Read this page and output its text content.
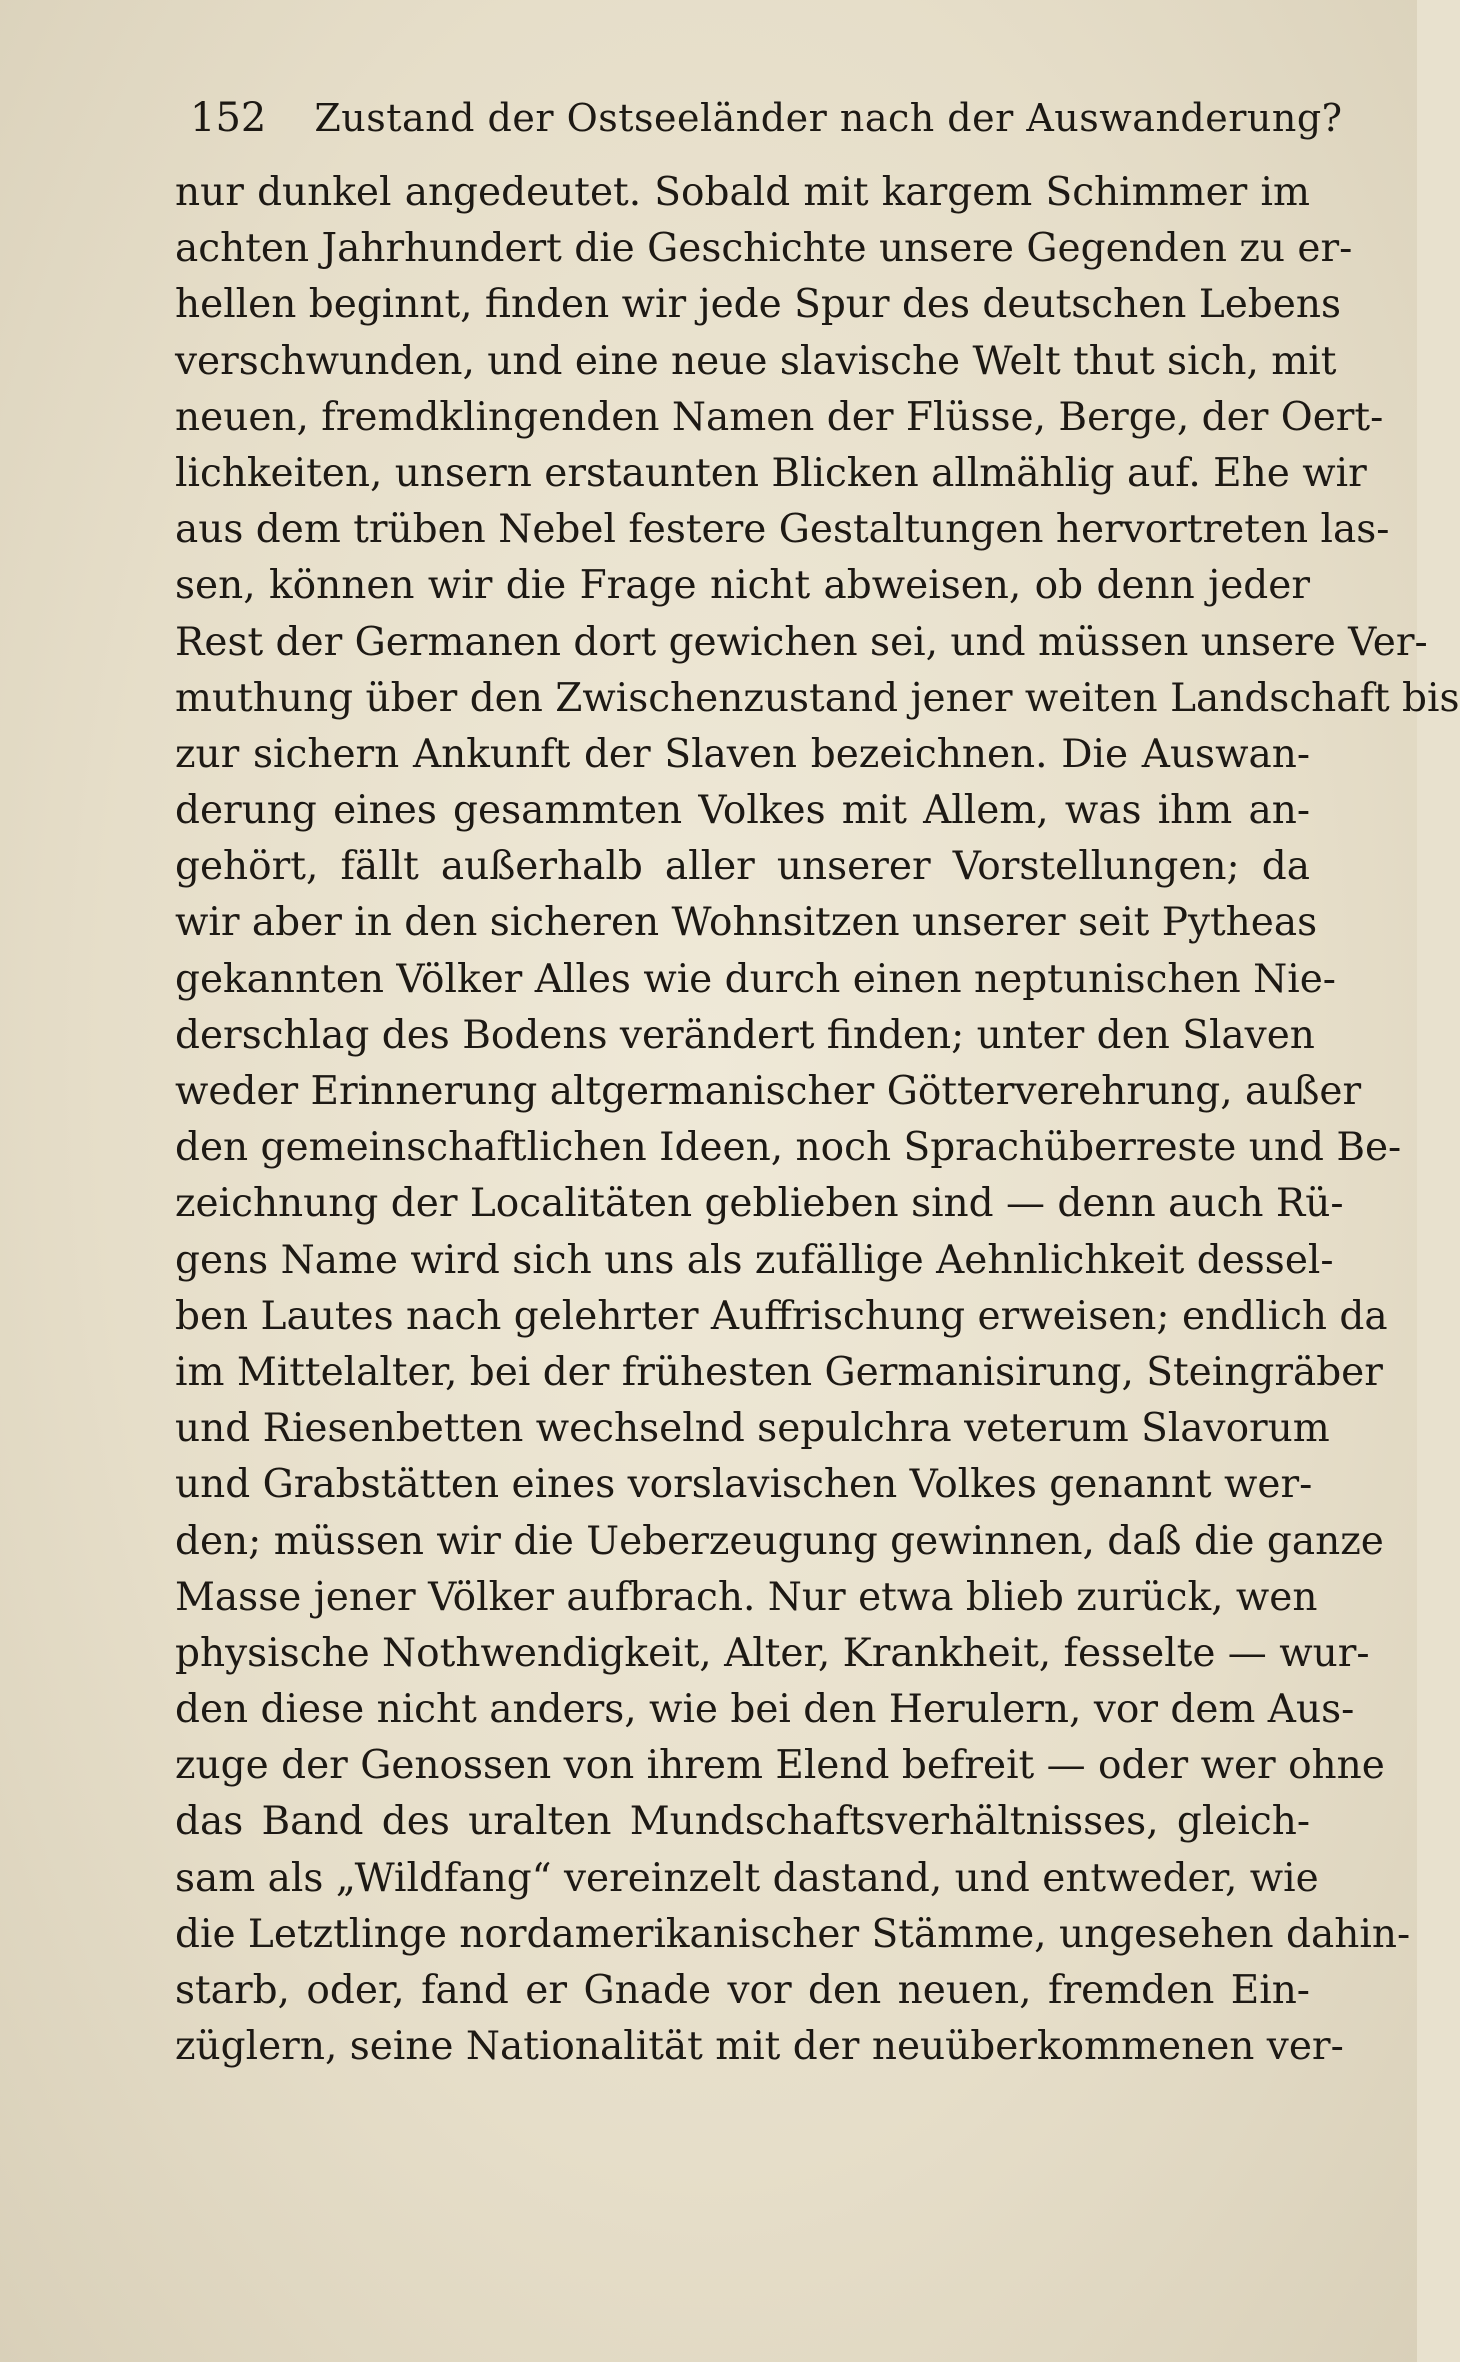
152 Zustand der Ostseeländer nach der Auswanderung?
nur dunkel angedeutet. Sobald mit kargem Schimmer im
achten Jahrhundert die Geschichte unsere Gegenden zu er-
hellen beginnt, finden wir jede Spur des deutschen Lebens
verschwunden, und eine neue slavische Welt thut sich, mit
neuen, fremdklingenden Namen der Flüsse, Berge, der Oert-
lichkeiten, unsern erstaunten Blicken allmählig auf. Ehe wir
aus dem trüben Nebel festere Gestaltungen hervortreten las-
sen, können wir die Frage nicht abweisen, ob denn jeder
Rest der Germanen dort gewichen sei, und müssen unsere Ver-
muthung über den Zwischenzustand jener weiten Landschaft bis
zur sichern Ankunft der Slaven bezeichnen. Die Auswan-
derung eines gesammten Volkes mit Allem, was ihm an-
gehört, fällt außerhalb aller unserer Vorstellungen; da
wir aber in den sicheren Wohnsitzen unserer seit Pytheas
gekannten Völker Alles wie durch einen neptunischen Nie-
derschlag des Bodens verändert finden; unter den Slaven
weder Erinnerung altgermanischer Götterverehrung, außer
den gemeinschaftlichen Ideen, noch Sprachüberreste und Be-
zeichnung der Localitäten geblieben sind — denn auch Rü-
gens Name wird sich uns als zufällige Aehnlichkeit dessel-
ben Lautes nach gelehrter Auffrischung erweisen; endlich da
im Mittelalter, bei der frühesten Germanisirung, Steingräber
und Riesenbetten wechselnd sepulchra veterum Slavorum
und Grabstätten eines vorslavischen Volkes genannt wer-
den; müssen wir die Ueberzeugung gewinnen, daß die ganze
Masse jener Völker aufbrach. Nur etwa blieb zurück, wen
physische Nothwendigkeit, Alter, Krankheit, fesselte — wur-
den diese nicht anders, wie bei den Herulern, vor dem Aus-
zuge der Genossen von ihrem Elend befreit — oder wer ohne
das Band des uralten Mundschaftsverhältnisses, gleich-
sam als „Wildfang“ vereinzelt dastand, und entweder, wie
die Letztlinge nordamerikanischer Stämme, ungesehen dahin-
starb, oder, fand er Gnade vor den neuen, fremden Ein-
züglern, seine Nationalität mit der neuüberkommenen ver-
